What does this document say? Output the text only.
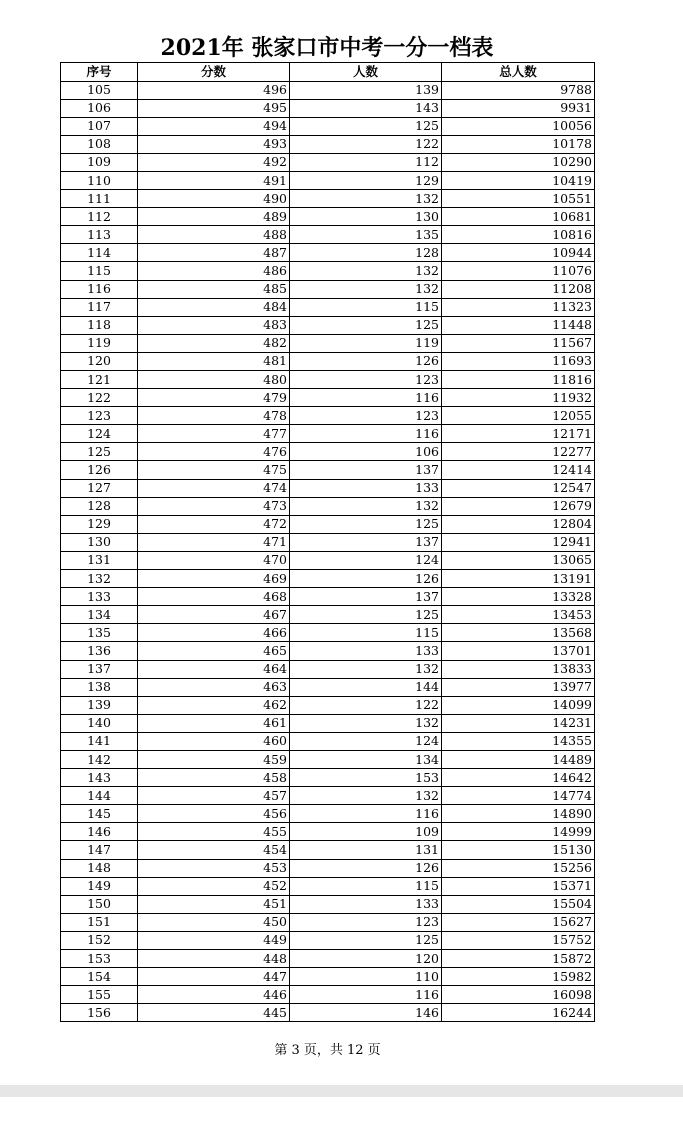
2021年 张家口市中考一分一档表
序号	分数	人数	总人数
105	496	139	9788
106	495	143	9931
107	494	125	10056
108	493	122	10178
109	492	112	10290
110	491	129	10419
111	490	132	10551
112	489	130	10681
113	488	135	10816
114	487	128	10944
115	486	132	11076
116	485	132	11208
117	484	115	11323
118	483	125	11448
119	482	119	11567
120	481	126	11693
121	480	123	11816
122	479	116	11932
123	478	123	12055
124	477	116	12171
125	476	106	12277
126	475	137	12414
127	474	133	12547
128	473	132	12679
129	472	125	12804
130	471	137	12941
131	470	124	13065
132	469	126	13191
133	468	137	13328
134	467	125	13453
135	466	115	13568
136	465	133	13701
137	464	132	13833
138	463	144	13977
139	462	122	14099
140	461	132	14231
141	460	124	14355
142	459	134	14489
143	458	153	14642
144	457	132	14774
145	456	116	14890
146	455	109	14999
147	454	131	15130
148	453	126	15256
149	452	115	15371
150	451	133	15504
151	450	123	15627
152	449	125	15752
153	448	120	15872
154	447	110	15982
155	446	116	16098
156	445	146	16244
第 3 页，共 12 页
